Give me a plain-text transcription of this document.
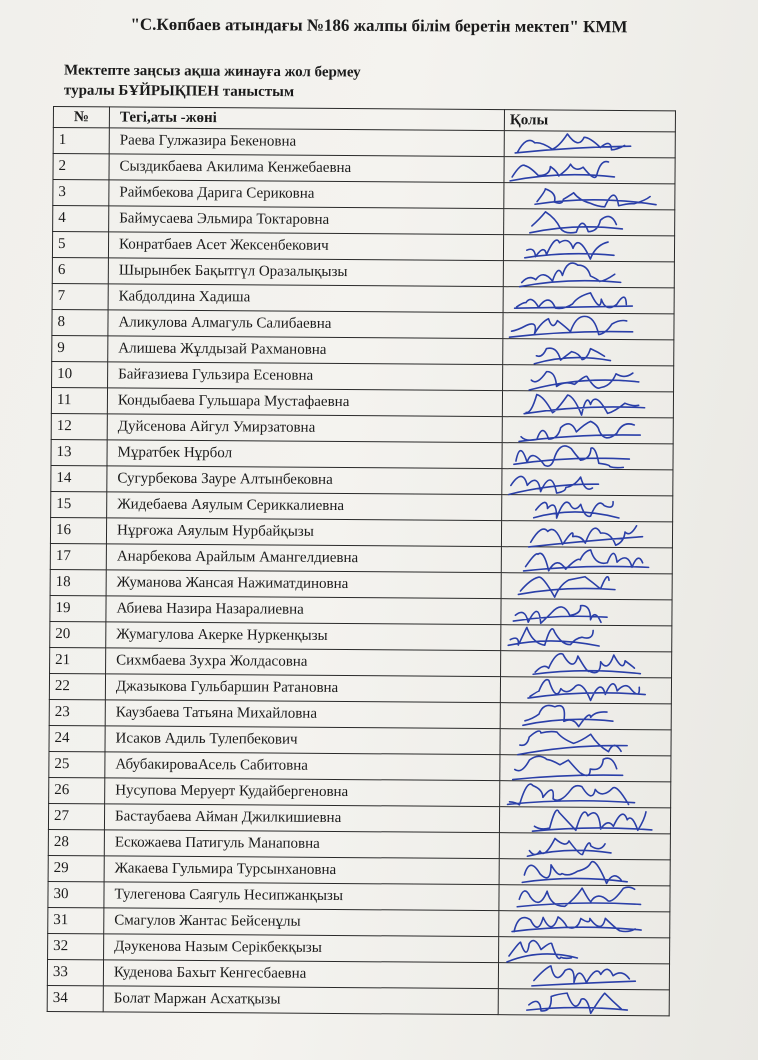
"С.Көпбаев атындағы №186 жалпы білім беретін мектеп" КММ
Мектепте заңсыз ақша жинауға жол бермеу
туралы БҰЙРЫҚПЕН таныстым
№	Тегі,аты -жөні	Қолы
1	Раева Гулжазира Бекеновна	

2	Сыздикбаева Акилима Кенжебаевна	

3	Раймбекова Дарига Сериковна	

4	Баймусаева Эльмира Токтаровна	

5	Конратбаев Асет Жексенбекович	

6	Шырынбек Бақытгүл Оразалықызы	

7	Кабдолдина Хадиша	

8	Аликулова Алмагуль Салибаевна	

9	Алишева Жұлдызай Рахмановна	

10	Байғазиева Гульзира Есеновна	

11	Кондыбаева Гульшара Мустафаевна	

12	Дуйсенова Айгул Умирзатовна	

13	Мұратбек Нұрбол	

14	Сугурбекова Зауре Алтынбековна	

15	Жидебаева Аяулым Сериккалиевна	

16	Нұрғожа Аяулым Нурбайқызы	

17	Анарбекова Арайлым Амангелдиевна	

18	Жуманова Жансая Нажиматдиновна	

19	Абиева Назира Назаралиевна	

20	Жумагулова Акерке Нуркенқызы	

21	Сихмбаева Зухра Жолдасовна	

22	Джазыкова Гульбаршин Ратановна	

23	Каузбаева Татьяна Михайловна	

24	Исаков Адиль Тулепбекович	

25	АбубакироваАсель Сабитовна	

26	Нусупова Меруерт Кудайбергеновна	

27	Бастаубаева Айман Джилкишиевна	

28	Ескожаева Патигуль Манаповна	

29	Жакаева Гульмира Турсынхановна	

30	Тулегенова Саягуль Несипжанқызы	

31	Смагулов Жантас Бейсенұлы	

32	Дәукенова Назым Серікбекқызы	

33	Куденова Бахыт Кенгесбаевна	

34	Болат Маржан Асхатқызы	
